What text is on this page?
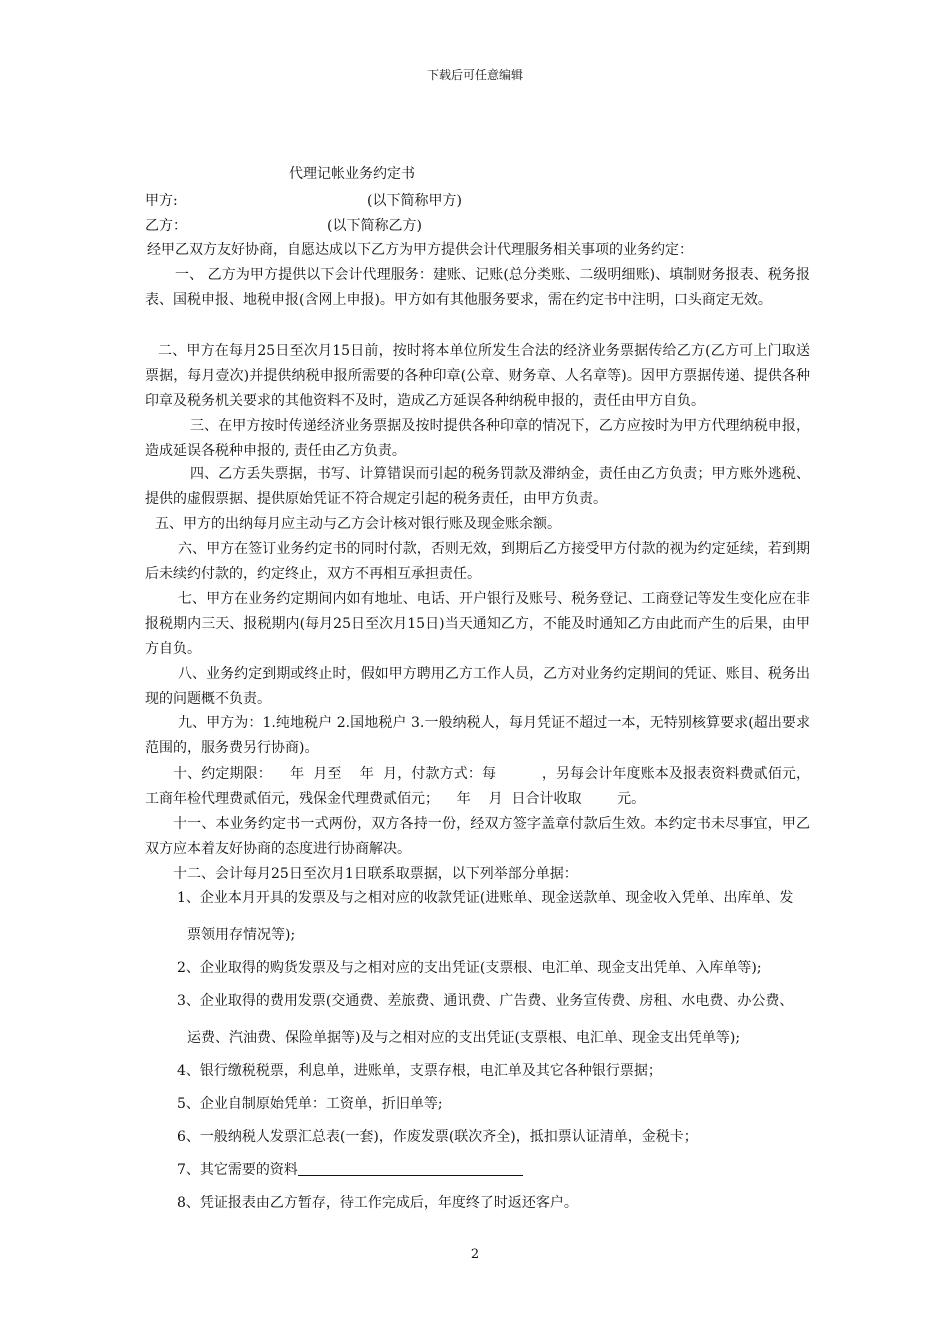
下载后可任意编辑
代理记帐业务约定书
甲方:	(以下简称甲方)
乙方：	(以下简称乙方)
经甲乙双方友好协商，自愿达成以下乙方为甲方提供会计代理服务相关事项的业务约定：
一、 乙方为甲方提供以下会计代理服务：建账、记账(总分类账、二级明细账)、填制财务报表、税务报表、国税申报、地税申报(含网上申报)。甲方如有其他服务要求，需在约定书中注明，口头商定无效。
二、甲方在每月25日至次月15日前，按时将本单位所发生合法的经济业务票据传给乙方(乙方可上门取送票据，每月壹次)并提供纳税申报所需要的各种印章(公章、财务章、人名章等)。因甲方票据传递、提供各种印章及税务机关要求的其他资料不及时，造成乙方延误各种纳税申报的，责任由甲方自负。
三、在甲方按时传递经济业务票据及按时提供各种印章的情况下，乙方应按时为甲方代理纳税申报，造成延误各税种申报的, 责任由乙方负责。
四、乙方丢失票据，书写、计算错误而引起的税务罚款及滞纳金，责任由乙方负责；甲方账外逃税、提供的虚假票据、提供原始凭证不符合规定引起的税务责任，由甲方负责。
五、甲方的出纳每月应主动与乙方会计核对银行账及现金账余额。
六、甲方在签订业务约定书的同时付款，否则无效，到期后乙方接受甲方付款的视为约定延续，若到期后未续约付款的，约定终止，双方不再相互承担责任。
七、甲方在业务约定期间内如有地址、电话、开户银行及账号、税务登记、工商登记等发生变化应在非报税期内三天、报税期内(每月25日至次月15日)当天通知乙方，不能及时通知乙方由此而产生的后果，由甲方自负。
八、业务约定到期或终止时，假如甲方聘用乙方工作人员，乙方对业务约定期间的凭证、账目、税务出现的问题概不负责。
九、甲方为：1.纯地税户 2.国地税户 3.一般纳税人，每月凭证不超过一本，无特别核算要求(超出要求范围的，服务费另行协商)。
十、约定期限：    年  月至    年  月，付款方式：每          ，另每会计年度账本及报表资料费贰佰元，工商年检代理费贰佰元，残保金代理费贰佰元；    年    月  日合计收取        元。
十一、本业务约定书一式两份，双方各持一份，经双方签字盖章付款后生效。本约定书未尽事宜，甲乙双方应本着友好协商的态度进行协商解决。
十二、会计每月25日至次月1日联系取票据，以下列举部分单据：
1、企业本月开具的发票及与之相对应的收款凭证(进账单、现金送款单、现金收入凭单、出库单、发
票领用存情况等);
2、企业取得的购货发票及与之相对应的支出凭证(支票根、电汇单、现金支出凭单、入库单等);
3、企业取得的费用发票(交通费、差旅费、通讯费、广告费、业务宣传费、房租、水电费、办公费、
运费、汽油费、保险单据等)及与之相对应的支出凭证(支票根、电汇单、现金支出凭单等);
4、银行缴税税票，利息单，进账单，支票存根，电汇单及其它各种银行票据；
5、企业自制原始凭单：工资单，折旧单等;
6、一般纳税人发票汇总表(一套)，作废发票(联次齐全)，抵扣票认证清单，金税卡；
7、其它需要的资料
8、凭证报表由乙方暂存，待工作完成后，年度终了时返还客户。
2
